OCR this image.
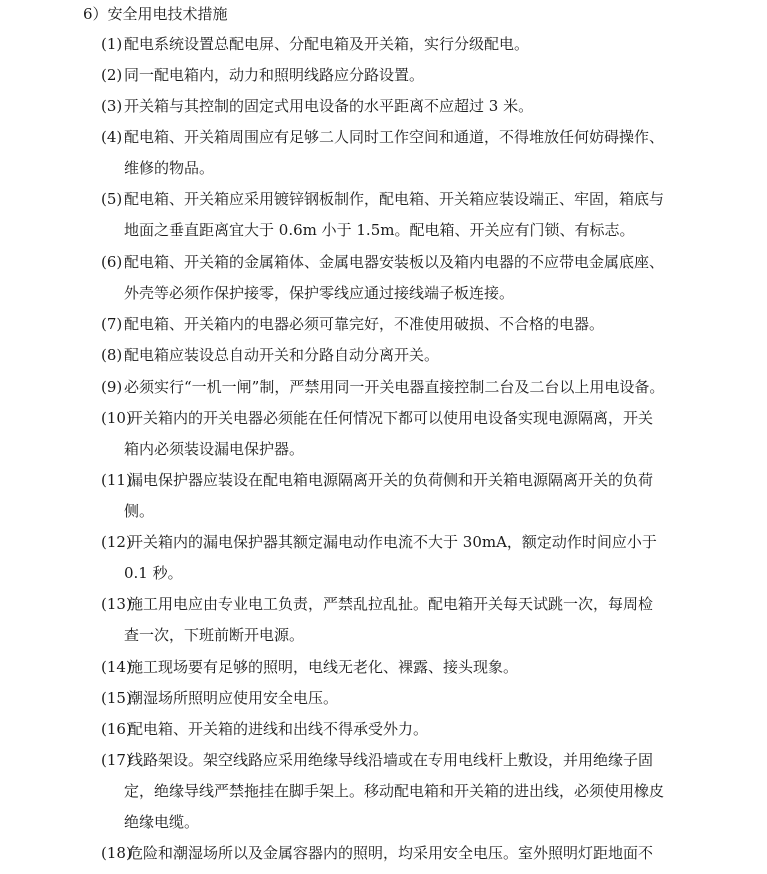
6）安全用电技术措施
(1) 配电系统设置总配电屏、分配电箱及开关箱，实行分级配电。
(2) 同一配电箱内，动力和照明线路应分路设置。
(3) 开关箱与其控制的固定式用电设备的水平距离不应超过 3 米。
(4) 配电箱、开关箱周围应有足够二人同时工作空间和通道，不得堆放任何妨碍操作、
维修的物品。
(5) 配电箱、开关箱应采用镀锌钢板制作，配电箱、开关箱应装设端正、牢固，箱底与
地面之垂直距离宜大于 0.6m 小于 1.5m。配电箱、开关应有门锁、有标志。
(6) 配电箱、开关箱的金属箱体、金属电器安装板以及箱内电器的不应带电金属底座、
外壳等必须作保护接零，保护零线应通过接线端子板连接。
(7) 配电箱、开关箱内的电器必须可靠完好，不准使用破损、不合格的电器。
(8) 配电箱应装设总自动开关和分路自动分离开关。
(9) 必须实行“一机一闸”制，严禁用同一开关电器直接控制二台及二台以上用电设备。
(10)
开关箱内的开关电器必须能在任何情况下都可以使用电设备实现电源隔离，开关
箱内必须装设漏电保护器。
(11)
漏电保护器应装设在配电箱电源隔离开关的负荷侧和开关箱电源隔离开关的负荷
侧。
(12)
开关箱内的漏电保护器其额定漏电动作电流不大于 30mA，额定动作时间应小于
0.1 秒。
(13)
施工用电应由专业电工负责，严禁乱拉乱扯。配电箱开关每天试跳一次，每周检
查一次，下班前断开电源。
(14)
施工现场要有足够的照明，电线无老化、裸露、接头现象。
(15)
潮湿场所照明应使用安全电压。
(16)
配电箱、开关箱的进线和出线不得承受外力。
(17)
线路架设。架空线路应采用绝缘导线沿墙或在专用电线杆上敷设，并用绝缘子固
定，绝缘导线严禁拖挂在脚手架上。移动配电箱和开关箱的进出线，必须使用橡皮
绝缘电缆。
(18)
危险和潮湿场所以及金属容器内的照明，均采用安全电压。室外照明灯距地面不
